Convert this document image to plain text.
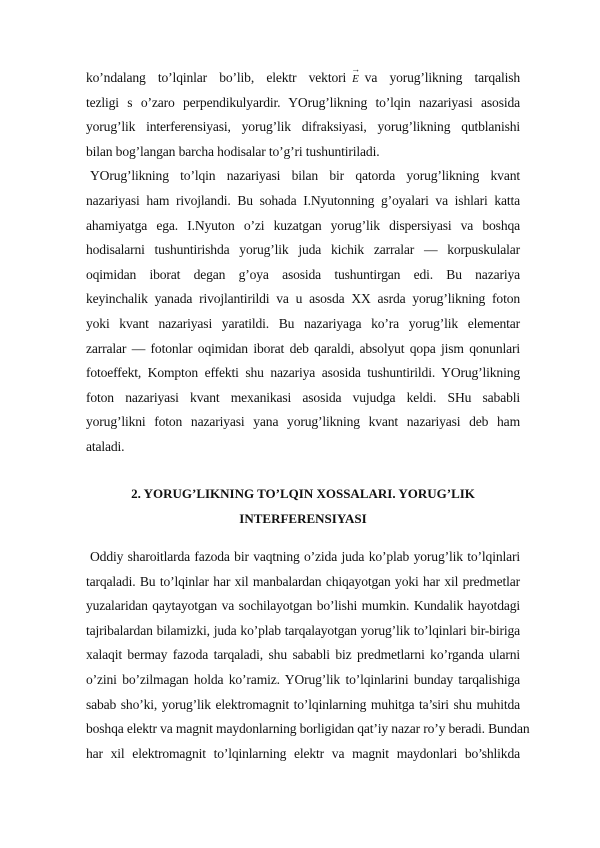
ko’ndalang to’lqinlar bo’lib, elektr vektori→ E va yorug’likning tarqalish
tezligi s o’zaro perpendikulyardir. YOrug’likning to’lqin nazariyasi asosida
yorug’lik interferensiyasi, yorug’lik difraksiyasi, yorug’likning qutblanishi
bilan bog’langan barcha hodisalar to’g’ri tushuntiriladi.
YOrug’likning to’lqin nazariyasi bilan bir qatorda yorug’likning kvant
nazariyasi ham rivojlandi. Bu sohada I.Nyutonning g’oyalari va ishlari katta
ahamiyatga ega. I.Nyuton o’zi kuzatgan yorug’lik dispersiyasi va boshqa
hodisalarni tushuntirishda yorug’lik juda kichik zarralar — korpuskulalar
oqimidan iborat degan g’oya asosida tushuntirgan edi. Bu nazariya
keyinchalik yanada rivojlantirildi va u asosda XX asrda yorug’likning foton
yoki kvant nazariyasi yaratildi. Bu nazariyaga ko’ra yorug’lik elementar
zarralar — fotonlar oqimidan iborat deb qaraldi, absolyut qopa jism qonunlari
fotoeffekt, Kompton effekti shu nazariya asosida tushuntirildi. YOrug’likning
foton nazariyasi kvant mexanikasi asosida vujudga keldi. SHu sababli
yorug’likni foton nazariyasi yana yorug’likning kvant nazariyasi deb ham
ataladi.
2. YORUG’LIKNING TO’LQIN XOSSALARI. YORUG’LIK
INTERFERENSIYASI
Oddiy sharoitlarda fazoda bir vaqtning o’zida juda ko’plab yorug’lik to’lqinlari
tarqaladi. Bu to’lqinlar har xil manbalardan chiqayotgan yoki har xil predmetlar
yuzalaridan qaytayotgan va sochilayotgan bo’lishi mumkin. Kundalik hayotdagi
tajribalardan bilamizki, juda ko’plab tarqalayotgan yorug’lik to’lqinlari bir-biriga
xalaqit bermay fazoda tarqaladi, shu sababli biz predmetlarni ko’rganda ularni
o’zini bo’zilmagan holda ko’ramiz. YOrug’lik to’lqinlarini bunday tarqalishiga
sabab sho’ki, yorug’lik elektromagnit to’lqinlarning muhitga ta’siri shu muhitda
boshqa elektr va magnit maydonlarning borligidan qat’iy nazar ro’y beradi. Bundan
har xil elektromagnit to’lqinlarning elektr va magnit maydonlari bo’shlikda
